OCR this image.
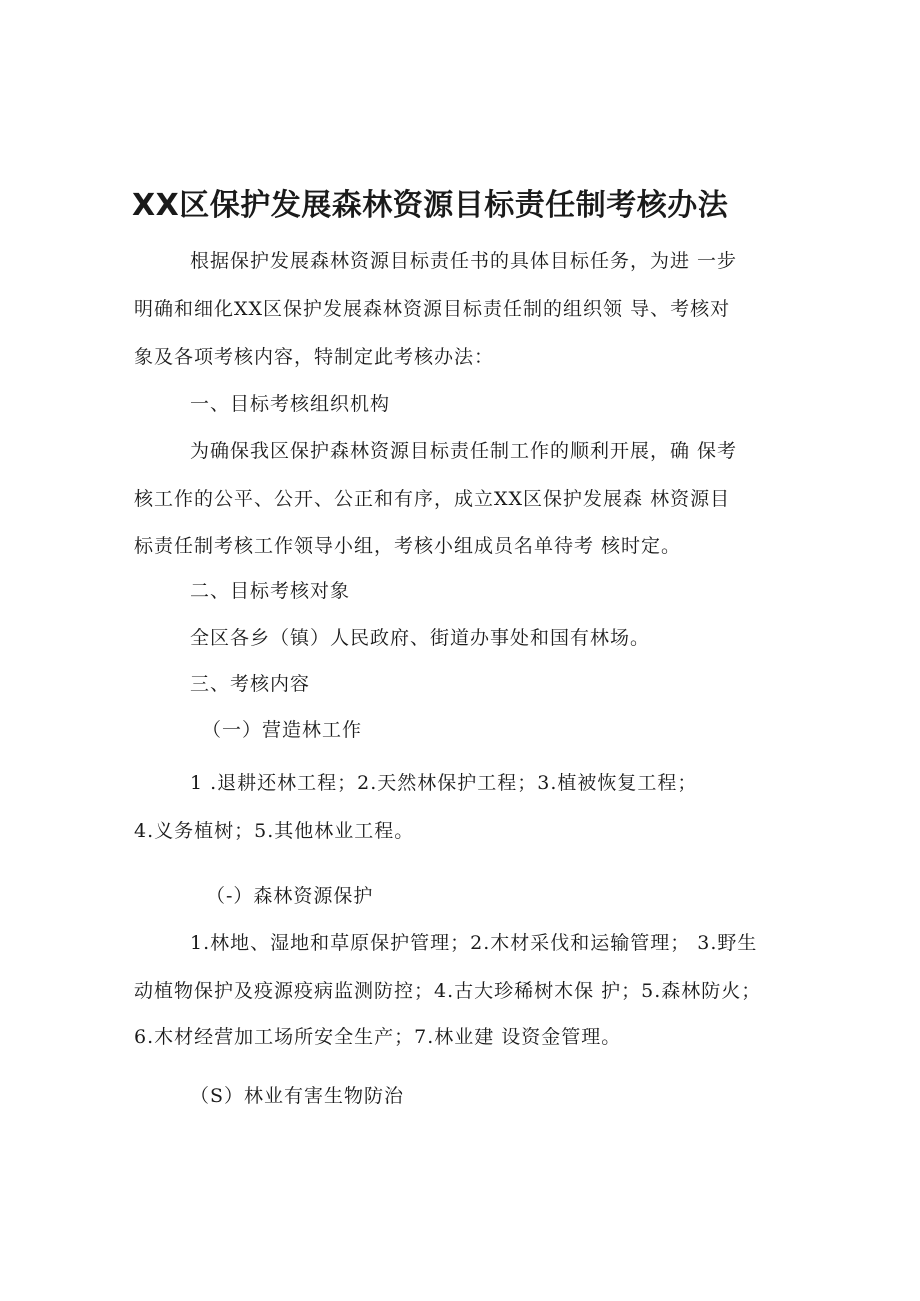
XX区保护发展森林资源目标责任制考核办法
根据保护发展森林资源目标责任书的具体目标任务，为进 一步
明确和细化XX区保护发展森林资源目标责任制的组织领 导、考核对
象及各项考核内容，特制定此考核办法：
一、目标考核组织机构
为确保我区保护森林资源目标责任制工作的顺利开展，确 保考
核工作的公平、公开、公正和有序，成立XX区保护发展森 林资源目
标责任制考核工作领导小组，考核小组成员名单待考 核时定。
二、目标考核对象
全区各乡（镇）人民政府、街道办事处和国有林场。
三、考核内容
（一）营造林工作
1 .退耕还林工程；2.天然林保护工程；3.植被恢复工程；
4.义务植树；5.其他林业工程。
（-）森林资源保护
1.林地、湿地和草原保护管理；2.木材采伐和运输管理； 3.野生
动植物保护及疫源疫病监测防控；4.古大珍稀树木保 护；5.森林防火；
6.木材经营加工场所安全生产；7.林业建 设资金管理。
（S）林业有害生物防治
